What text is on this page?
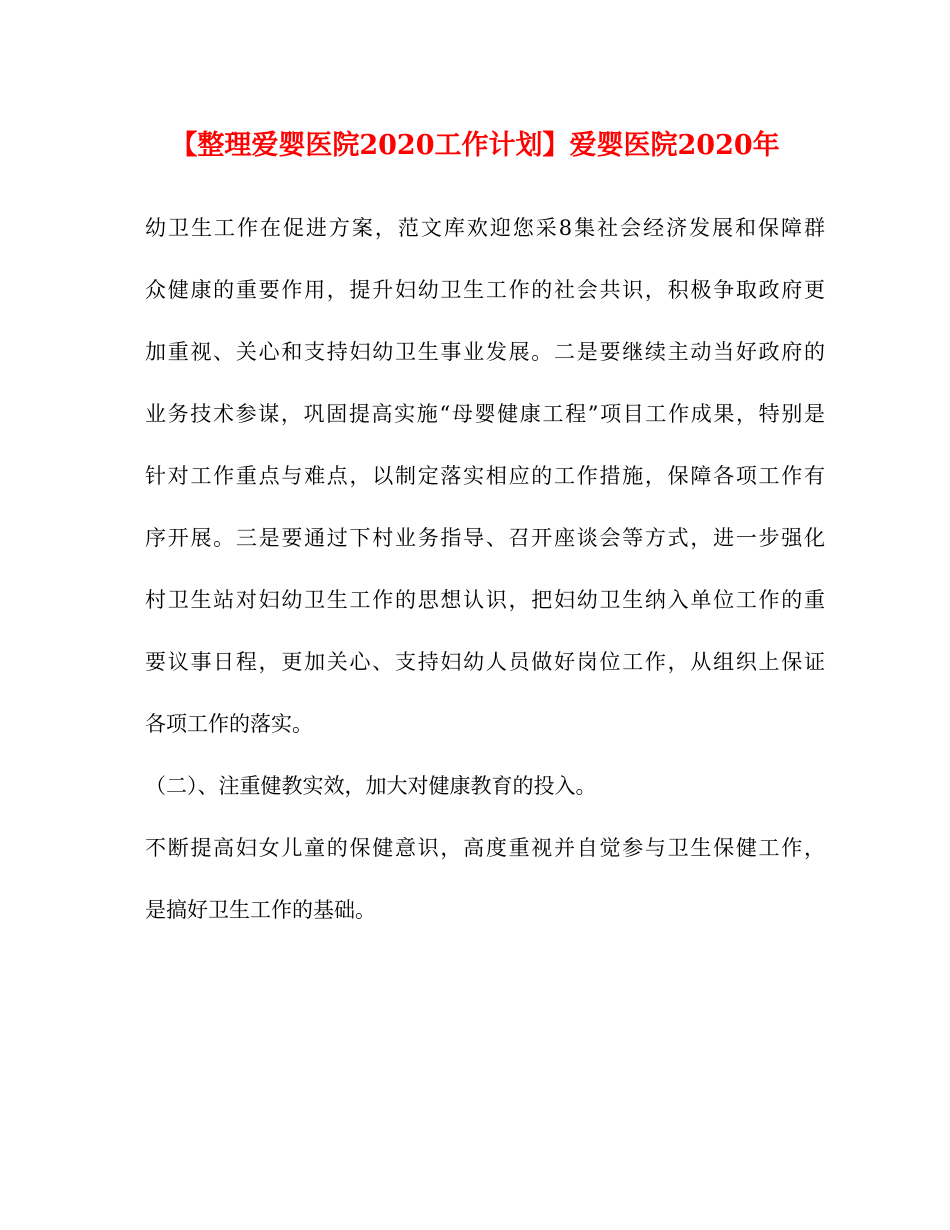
【整理爱婴医院2020工作计划】爱婴医院2020年
幼卫生工作在促进方案，范文库欢迎您采8集社会经济发展和保障群
众健康的重要作用，提升妇幼卫生工作的社会共识，积极争取政府更
加重视、关心和支持妇幼卫生事业发展。二是要继续主动当好政府的
业务技术参谋，巩固提高实施“母婴健康工程”项目工作成果，特别是
针对工作重点与难点，以制定落实相应的工作措施，保障各项工作有
序开展。三是要通过下村业务指导、召开座谈会等方式，进一步强化
村卫生站对妇幼卫生工作的思想认识，把妇幼卫生纳入单位工作的重
要议事日程，更加关心、支持妇幼人员做好岗位工作，从组织上保证
各项工作的落实。
（二）、注重健教实效，加大对健康教育的投入。
不断提高妇女儿童的保健意识，高度重视并自觉参与卫生保健工作，
是搞好卫生工作的基础。
